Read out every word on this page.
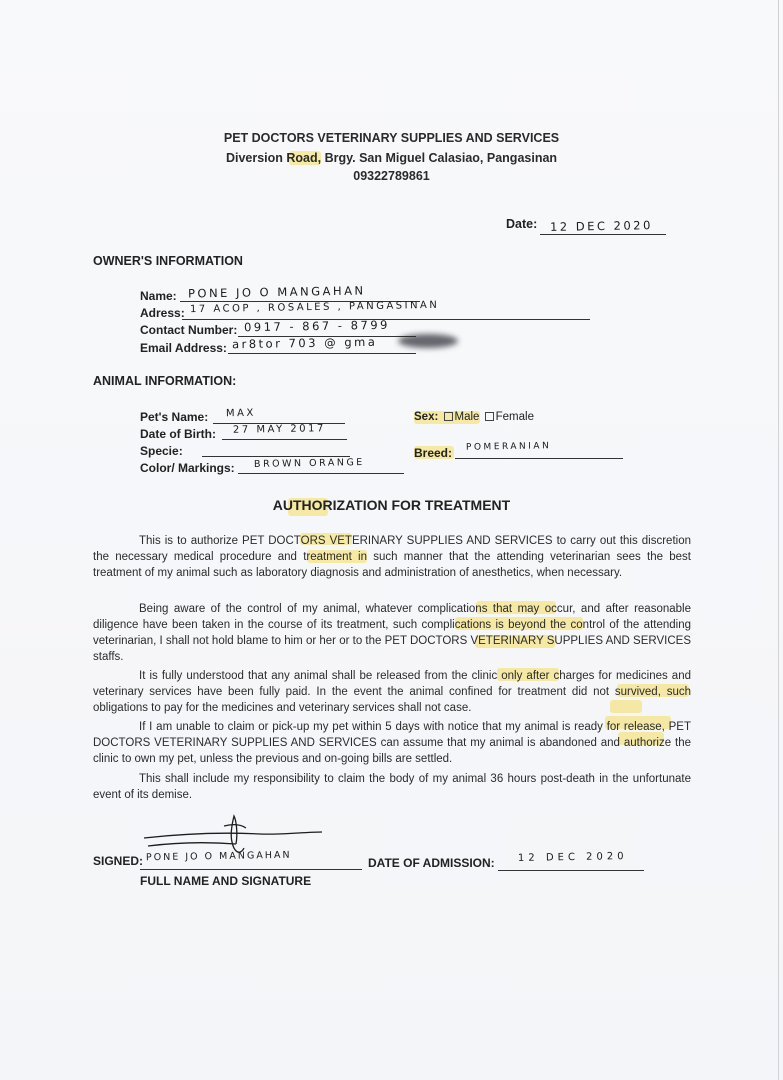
PET DOCTORS VETERINARY SUPPLIES AND SERVICES
Diversion Road, Brgy. San Miguel Calasiao, Pangasinan
09322789861
Date: 12 DEC 2020
OWNER'S INFORMATION
Name: PONE JO O MANGAHAN
Adress: 17 ACOP , ROSALES , PANGASINAN
Contact Number: 0917 - 867 - 8799
Email Address: ar8tor 703 @ gma
ANIMAL INFORMATION:
Pet's Name: MAX
Date of Birth: 27 MAY 2017
Specie:
Color/ Markings: BROWN ORANGE
Sex: Male Female
Breed: POMERANIAN
AUTHORIZATION FOR TREATMENT

This is to authorize PET DOCTORS VETERINARY SUPPLIES AND SERVICES to carry out this discretion the necessary medical procedure and treatment in such manner that the attending veterinarian sees the best treatment of my animal such as laboratory diagnosis and administration of anesthetics, when necessary.

Being aware of the control of my animal, whatever complications that may occur, and after reasonable diligence have been taken in the course of its treatment, such complications is beyond the control of the attending veterinarian, I shall not hold blame to him or her or to the PET DOCTORS VETERINARY SUPPLIES AND SERVICES staffs.

It is fully understood that any animal shall be released from the clinic only after charges for medicines and veterinary services have been fully paid. In the event the animal confined for treatment did not survived, such obligations to pay for the medicines and veterinary services shall not case.

If I am unable to claim or pick-up my pet within 5 days with notice that my animal is ready for release, PET DOCTORS VETERINARY SUPPLIES AND SERVICES can assume that my animal is abandoned and authorize the clinic to own my pet, unless the previous and on-going bills are settled.

This shall include my responsibility to claim the body of my animal 36 hours post-death in the unfortunate event of its demise.

SIGNED: PONE JO O MANGAHAN
FULL NAME AND SIGNATURE
DATE OF ADMISSION: 12 DEC 2020
